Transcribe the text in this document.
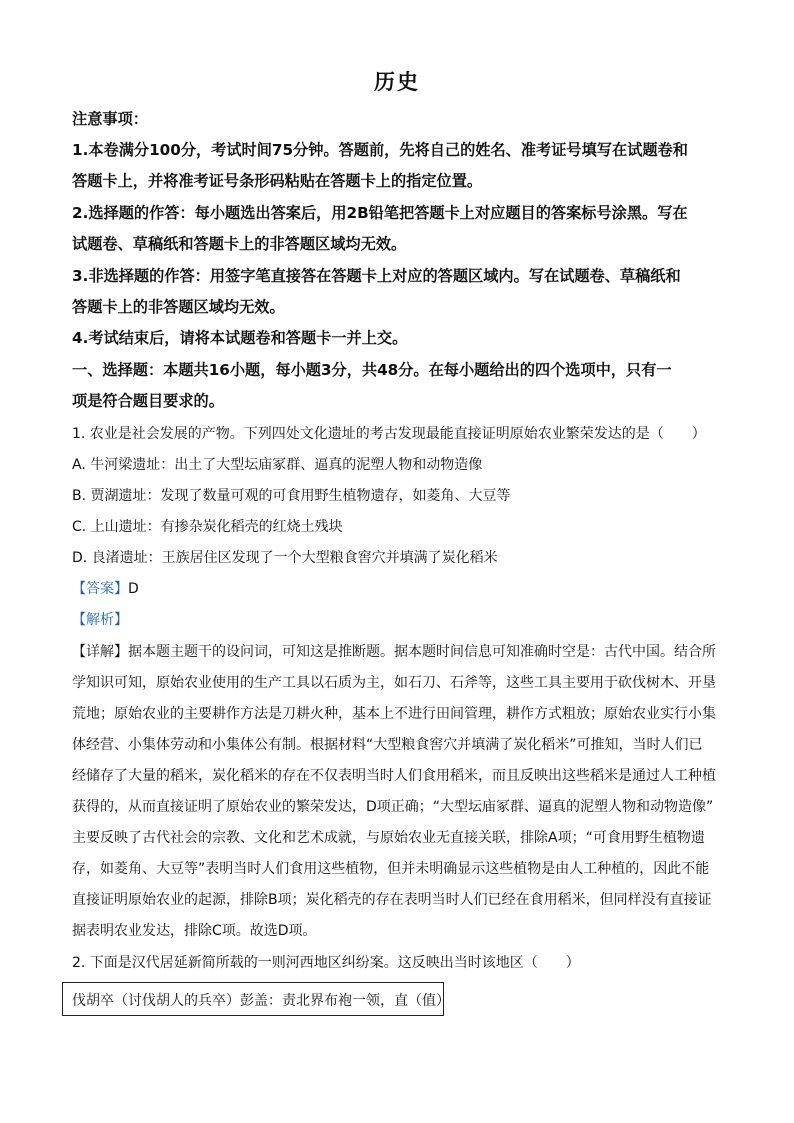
历史
注意事项：
1.本卷满分100分，考试时间75分钟。答题前，先将自己的姓名、准考证号填写在试题卷和
答题卡上，并将准考证号条形码粘贴在答题卡上的指定位置。
2.选择题的作答：每小题选出答案后，用2B铅笔把答题卡上对应题目的答案标号涂黑。写在
试题卷、草稿纸和答题卡上的非答题区域均无效。
3.非选择题的作答：用签字笔直接答在答题卡上对应的答题区域内。写在试题卷、草稿纸和
答题卡上的非答题区域均无效。
4.考试结束后，请将本试题卷和答题卡一并上交。
一、选择题：本题共16小题，每小题3分，共48分。在每小题给出的四个选项中，只有一
项是符合题目要求的。
1. 农业是社会发展的产物。下列四处文化遗址的考古发现最能直接证明原始农业繁荣发达的是（　　）
A. 牛河梁遗址：出土了大型坛庙冢群、逼真的泥塑人物和动物造像
B. 贾湖遗址：发现了数量可观的可食用野生植物遗存，如菱角、大豆等
C. 上山遗址：有掺杂炭化稻壳的红烧土残块
D. 良渚遗址：王族居住区发现了一个大型粮食窖穴并填满了炭化稻米
【答案】D
【解析】
【详解】据本题主题干的设问词，可知这是推断题。据本题时间信息可知准确时空是：古代中国。结合所
学知识可知，原始农业使用的生产工具以石质为主，如石刀、石斧等，这些工具主要用于砍伐树木、开垦
荒地；原始农业的主要耕作方法是刀耕火种，基本上不进行田间管理，耕作方式粗放；原始农业实行小集
体经营、小集体劳动和小集体公有制。根据材料“大型粮食窖穴并填满了炭化稻米”可推知，当时人们已
经储存了大量的稻米，炭化稻米的存在不仅表明当时人们食用稻米，而且反映出这些稻米是通过人工种植
获得的，从而直接证明了原始农业的繁荣发达，D项正确；“大型坛庙冢群、逼真的泥塑人物和动物造像”
主要反映了古代社会的宗教、文化和艺术成就，与原始农业无直接关联，排除A项；“可食用野生植物遗
存，如菱角、大豆等”表明当时人们食用这些植物，但并未明确显示这些植物是由人工种植的，因此不能
直接证明原始农业的起源，排除B项；炭化稻壳的存在表明当时人们已经在食用稻米，但同样没有直接证
据表明农业发达，排除C项。故选D项。
2. 下面是汉代居延新简所载的一则河西地区纠纷案。这反映出当时该地区（　　）
伐胡卒（讨伐胡人的兵卒）彭盖：责北界布袍一领，直（值）
